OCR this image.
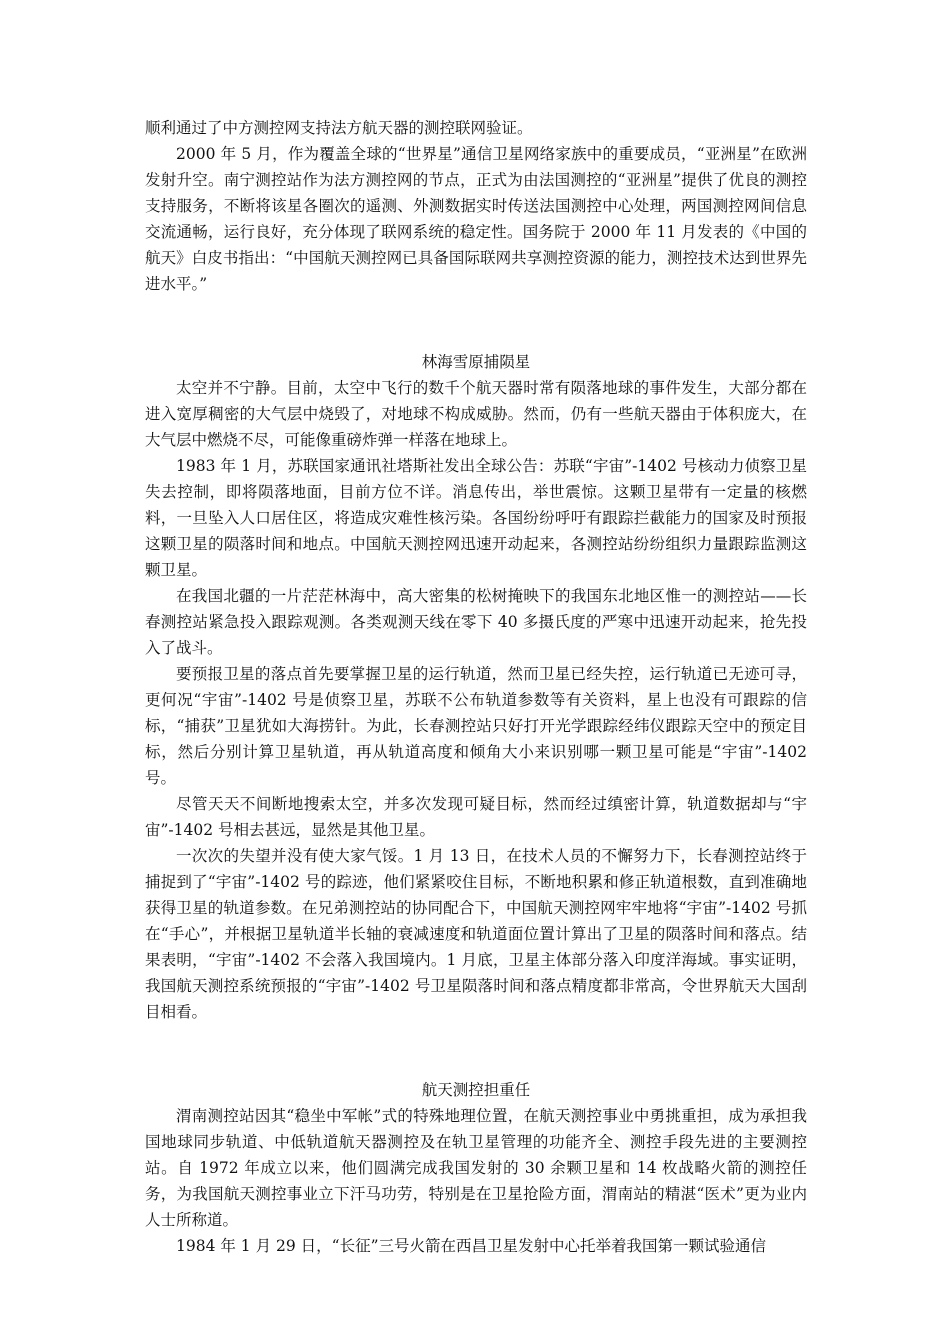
顺利通过了中方测控网支持法方航天器的测控联网验证。

2000 年 5 月，作为覆盖全球的“世界星”通信卫星网络家族中的重要成员，“亚洲星”在欧洲发射升空。南宁测控站作为法方测控网的节点，正式为由法国测控的“亚洲星”提供了优良的测控支持服务，不断将该星各圈次的遥测、外测数据实时传送法国测控中心处理，两国测控网间信息交流通畅，运行良好，充分体现了联网系统的稳定性。国务院于 2000 年 11 月发表的《中国的航天》白皮书指出：“中国航天测控网已具备国际联网共享测控资源的能力，测控技术达到世界先进水平。”

林海雪原捕陨星

太空并不宁静。目前，太空中飞行的数千个航天器时常有陨落地球的事件发生，大部分都在进入宽厚稠密的大气层中烧毁了，对地球不构成威胁。然而，仍有一些航天器由于体积庞大，在大气层中燃烧不尽，可能像重磅炸弹一样落在地球上。

1983 年 1 月，苏联国家通讯社塔斯社发出全球公告：苏联“宇宙”-1402 号核动力侦察卫星失去控制，即将陨落地面，目前方位不详。消息传出，举世震惊。这颗卫星带有一定量的核燃料，一旦坠入人口居住区，将造成灾难性核污染。各国纷纷呼吁有跟踪拦截能力的国家及时预报这颗卫星的陨落时间和地点。中国航天测控网迅速开动起来，各测控站纷纷组织力量跟踪监测这颗卫星。

在我国北疆的一片茫茫林海中，高大密集的松树掩映下的我国东北地区惟一的测控站——长春测控站紧急投入跟踪观测。各类观测天线在零下 40 多摄氏度的严寒中迅速开动起来，抢先投入了战斗。

要预报卫星的落点首先要掌握卫星的运行轨道，然而卫星已经失控，运行轨道已无迹可寻，更何况“宇宙”-1402 号是侦察卫星，苏联不公布轨道参数等有关资料，星上也没有可跟踪的信标，“捕获”卫星犹如大海捞针。为此，长春测控站只好打开光学跟踪经纬仪跟踪天空中的预定目标，然后分别计算卫星轨道，再从轨道高度和倾角大小来识别哪一颗卫星可能是“宇宙”-1402 号。

尽管天天不间断地搜索太空，并多次发现可疑目标，然而经过缜密计算，轨道数据却与“宇宙”-1402 号相去甚远，显然是其他卫星。

一次次的失望并没有使大家气馁。1 月 13 日，在技术人员的不懈努力下，长春测控站终于捕捉到了“宇宙”-1402 号的踪迹，他们紧紧咬住目标，不断地积累和修正轨道根数，直到准确地获得卫星的轨道参数。在兄弟测控站的协同配合下，中国航天测控网牢牢地将“宇宙”-1402 号抓在“手心”，并根据卫星轨道半长轴的衰减速度和轨道面位置计算出了卫星的陨落时间和落点。结果表明，“宇宙”-1402 不会落入我国境内。1 月底，卫星主体部分落入印度洋海域。事实证明，我国航天测控系统预报的“宇宙”-1402 号卫星陨落时间和落点精度都非常高，令世界航天大国刮目相看。

航天测控担重任

渭南测控站因其“稳坐中军帐”式的特殊地理位置，在航天测控事业中勇挑重担，成为承担我国地球同步轨道、中低轨道航天器测控及在轨卫星管理的功能齐全、测控手段先进的主要测控站。自 1972 年成立以来，他们圆满完成我国发射的 30 余颗卫星和 14 枚战略火箭的测控任务，为我国航天测控事业立下汗马功劳，特别是在卫星抢险方面，渭南站的精湛“医术”更为业内人士所称道。

1984 年 1 月 29 日，“长征”三号火箭在西昌卫星发射中心托举着我国第一颗试验通信
